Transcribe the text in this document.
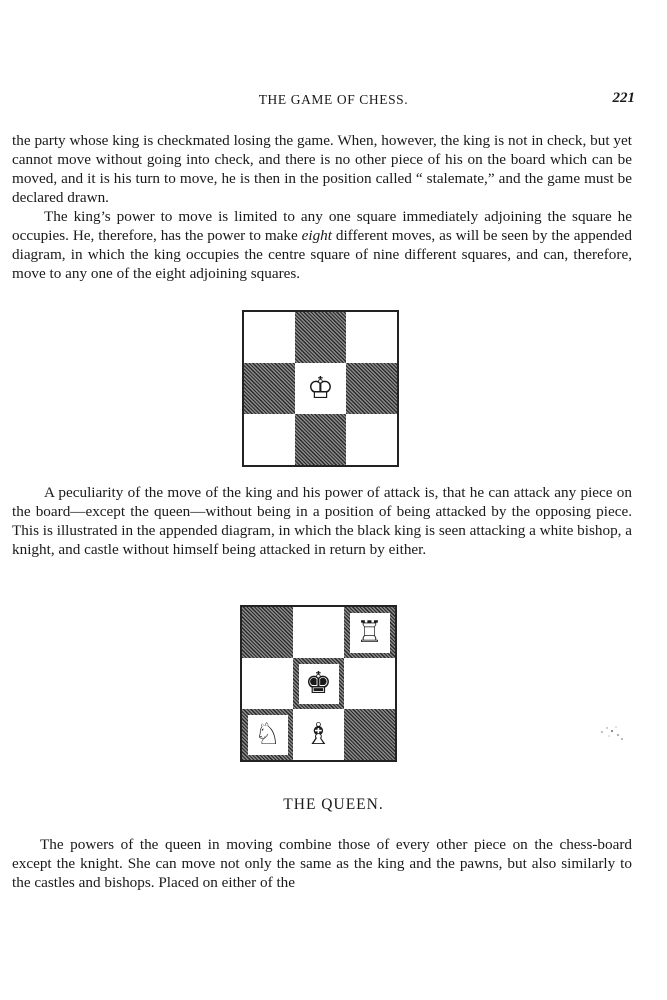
THE GAME OF CHESS.	221

the party whose king is checkmated losing the game. When, however, the king is not in check, but yet cannot move without going into check, and there is no other piece of his on the board which can be moved, and it is his turn to move, he is then in the position called “ stalemate,” and the game must be declared drawn.

The king’s power to move is limited to any one square immediately adjoining the square he occupies. He, therefore, has the power to make eight different moves, as will be seen by the appended diagram, in which the king occupies the centre square of nine different squares, and can, therefore, move to any one of the eight adjoining squares.

♔

A peculiarity of the move of the king and his power of attack is, that he can attack any piece on the board—except the queen—without being in a position of being attacked by the opposing piece. This is illustrated in the appended diagram, in which the black king is seen attacking a white bishop, a knight, and castle without himself being attacked in return by either.

♖
♚
♘ ♗
THE QUEEN.

The powers of the queen in moving combine those of every other piece on the chess-board except the knight. She can move not only the same as the king and the pawns, but also similarly to the castles and bishops. Placed on either of the
